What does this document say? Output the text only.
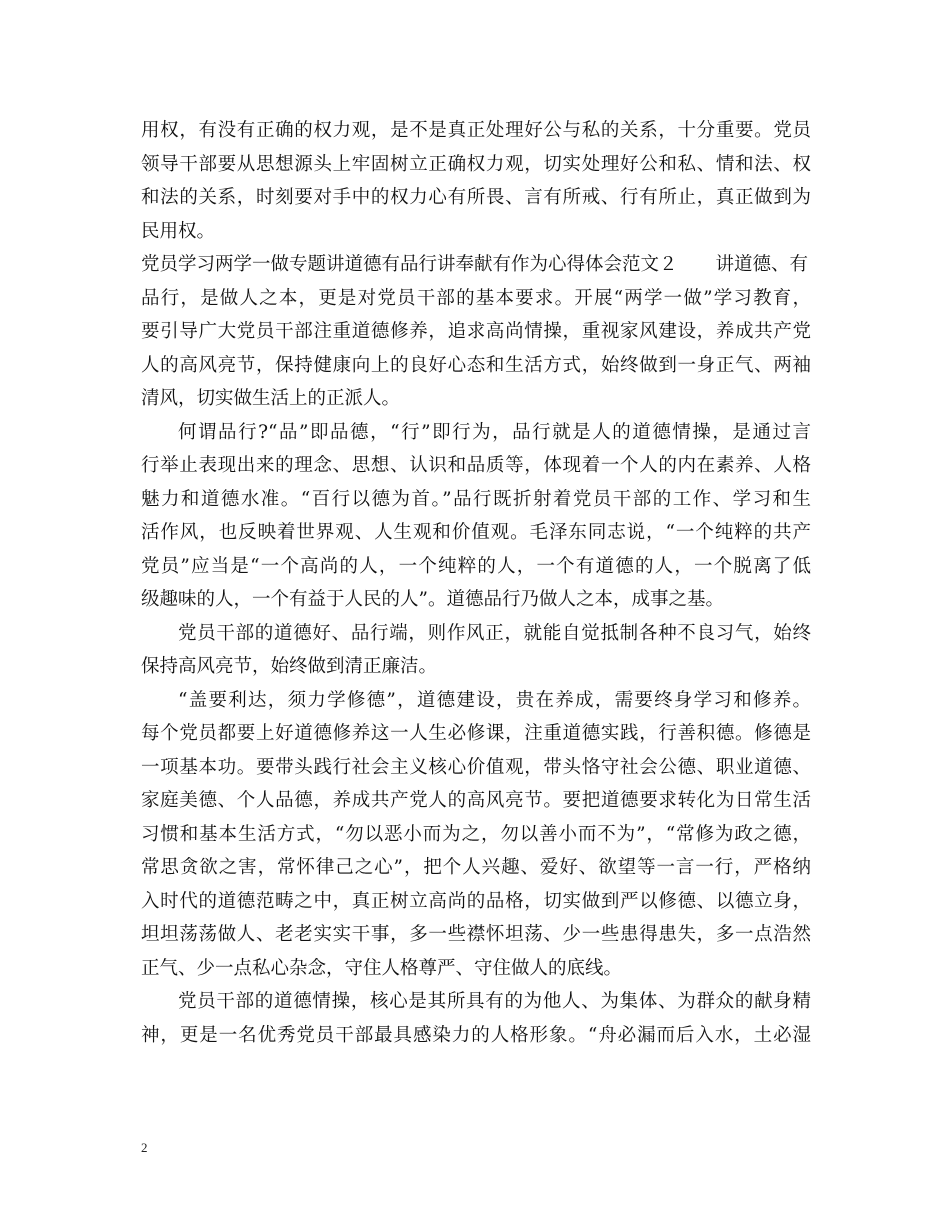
用权，有没有正确的权力观，是不是真正处理好公与私的关系，十分重要。党员
领导干部要从思想源头上牢固树立正确权力观，切实处理好公和私、情和法、权
和法的关系，时刻要对手中的权力心有所畏、言有所戒、行有所止，真正做到为
民用权。
党员学习两学一做专题讲道德有品行讲奉献有作为心得体会范文２ 讲道德、有
品行，是做人之本，更是对党员干部的基本要求。开展“两学一做”学习教育，
要引导广大党员干部注重道德修养，追求高尚情操，重视家风建设，养成共产党
人的高风亮节，保持健康向上的良好心态和生活方式，始终做到一身正气、两袖
清风，切实做生活上的正派人。
何谓品行?“品”即品德，“行”即行为，品行就是人的道德情操，是通过言
行举止表现出来的理念、思想、认识和品质等，体现着一个人的内在素养、人格
魅力和道德水准。“百行以德为首。”品行既折射着党员干部的工作、学习和生
活作风，也反映着世界观、人生观和价值观。毛泽东同志说，“一个纯粹的共产
党员”应当是“一个高尚的人，一个纯粹的人，一个有道德的人，一个脱离了低
级趣味的人，一个有益于人民的人”。道德品行乃做人之本，成事之基。
党员干部的道德好、品行端，则作风正，就能自觉抵制各种不良习气，始终
保持高风亮节，始终做到清正廉洁。
“盖要利达，须力学修德”，道德建设，贵在养成，需要终身学习和修养。
每个党员都要上好道德修养这一人生必修课，注重道德实践，行善积德。修德是
一项基本功。要带头践行社会主义核心价值观，带头恪守社会公德、职业道德、
家庭美德、个人品德，养成共产党人的高风亮节。要把道德要求转化为日常生活
习惯和基本生活方式，“勿以恶小而为之，勿以善小而不为”，“常修为政之德，
常思贪欲之害，常怀律己之心”，把个人兴趣、爱好、欲望等一言一行，严格纳
入时代的道德范畴之中，真正树立高尚的品格，切实做到严以修德、以德立身，
坦坦荡荡做人、老老实实干事，多一些襟怀坦荡、少一些患得患失，多一点浩然
正气、少一点私心杂念，守住人格尊严、守住做人的底线。
党员干部的道德情操，核心是其所具有的为他人、为集体、为群众的献身精
神，更是一名优秀党员干部最具感染力的人格形象。“舟必漏而后入水，土必湿
2
